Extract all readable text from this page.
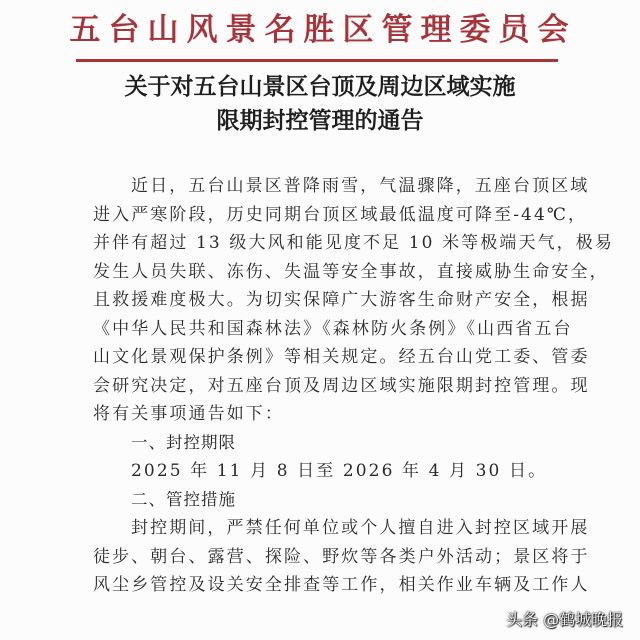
五台山风景名胜区管理委员会
关于对五台山景区台顶及周边区域实施
限期封控管理的通告
近日，五台山景区普降雨雪，气温骤降，五座台顶区域
进入严寒阶段，历史同期台顶区域最低温度可降至-44℃，
并伴有超过 13 级大风和能见度不足 10 米等极端天气，极易
发生人员失联、冻伤、失温等安全事故，直接威胁生命安全，
且救援难度极大。为切实保障广大游客生命财产安全，根据
《中华人民共和国森林法》《森林防火条例》《山西省五台
山文化景观保护条例》等相关规定。经五台山党工委、管委
会研究决定，对五座台顶及周边区域实施限期封控管理。现
将有关事项通告如下：
一、封控期限
2025 年 11 月 8 日至 2026 年 4 月 30 日。
二、管控措施
封控期间，严禁任何单位或个人擅自进入封控区域开展
徒步、朝台、露营、探险、野炊等各类户外活动；景区将于
风尘乡管控及设关安全排查等工作，相关作业车辆及工作人
头条 @鹤城晚报
